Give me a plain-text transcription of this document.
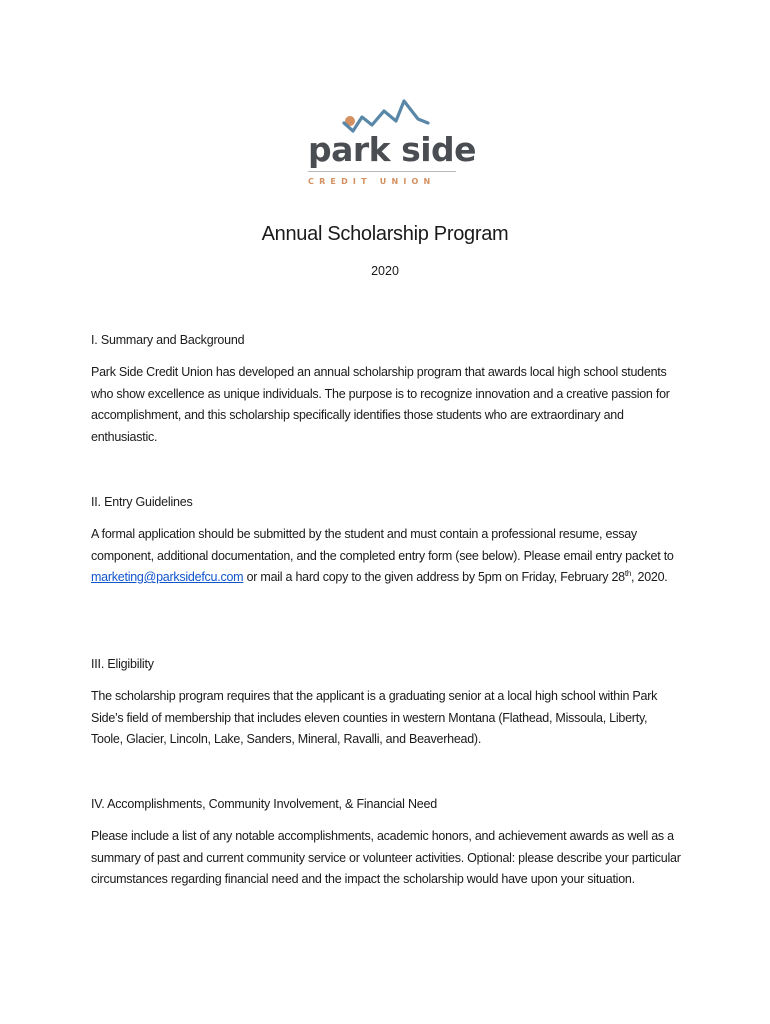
park side
CREDIT UNION
Annual Scholarship Program
2020

I. Summary and Background

Park Side Credit Union has developed an annual scholarship program that awards local high school students who show excellence as unique individuals. The purpose is to recognize innovation and a creative passion for accomplishment, and this scholarship specifically identifies those students who are extraordinary and enthusiastic.

II. Entry Guidelines

A formal application should be submitted by the student and must contain a professional resume, essay component, additional documentation, and the completed entry form (see below). Please email entry packet to marketing@parksidefcu.com or mail a hard copy to the given address by 5pm on Friday, February 28th, 2020.

III. Eligibility

The scholarship program requires that the applicant is a graduating senior at a local high school within Park Side’s field of membership that includes eleven counties in western Montana (Flathead, Missoula, Liberty, Toole, Glacier, Lincoln, Lake, Sanders, Mineral, Ravalli, and Beaverhead).

IV. Accomplishments, Community Involvement, & Financial Need

Please include a list of any notable accomplishments, academic honors, and achievement awards as well as a summary of past and current community service or volunteer activities. Optional: please describe your particular circumstances regarding financial need and the impact the scholarship would have upon your situation.
